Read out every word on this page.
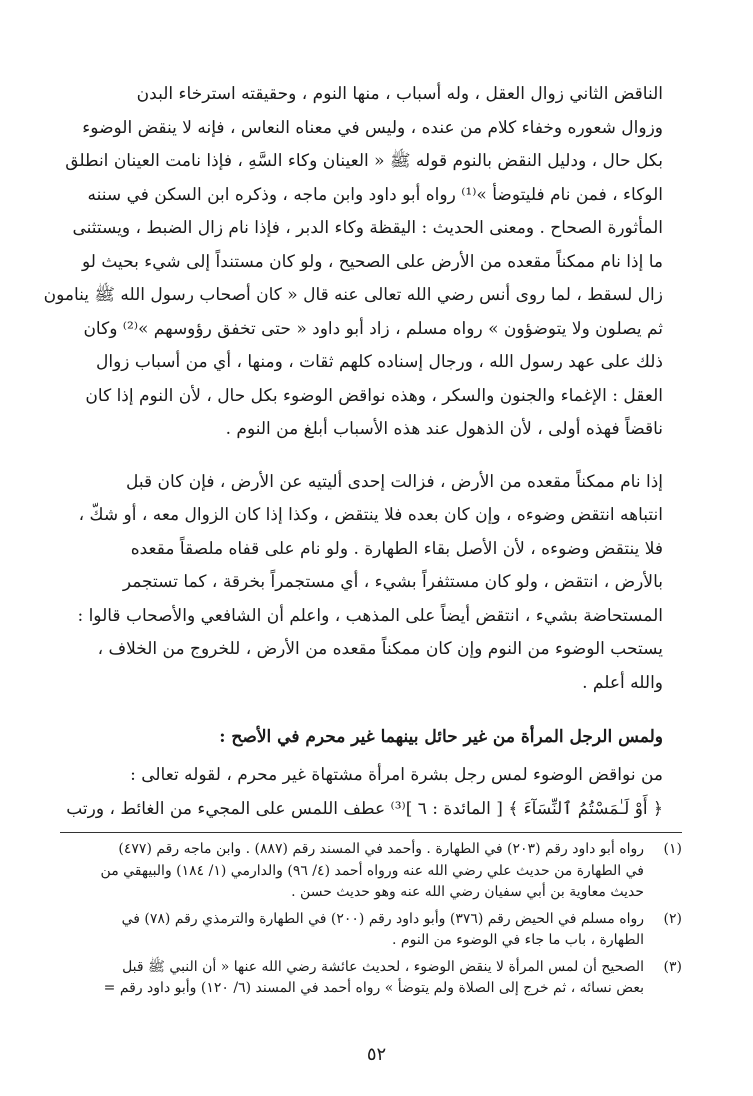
الناقض الثاني زوال العقل ، وله أسباب ، منها النوم ، وحقيقته استرخاء البدن
وزوال شعوره وخفاء كلام من عنده ، وليس في معناه النعاس ، فإنه لا ينقض الوضوء
بكل حال ، ودليل النقض بالنوم قوله ﷺ « العينان وكاء السَّهِ ، فإذا نامت العينان انطلق
الوكاء ، فمن نام فليتوضأ »⁽¹⁾ رواه أبو داود وابن ماجه ، وذكره ابن السكن في سننه
المأثورة الصحاح . ومعنى الحديث : اليقظة وكاء الدبر ، فإذا نام زال الضبط ، ويستثنى
ما إذا نام ممكناً مقعده من الأرض على الصحيح ، ولو كان مستنداً إلى شيء بحيث لو
زال لسقط ، لما روى أنس رضي الله تعالى عنه قال « كان أصحاب رسول الله ﷺ ينامون
ثم يصلون ولا يتوضؤون » رواه مسلم ، زاد أبو داود « حتى تخفق رؤوسهم »⁽²⁾ وكان
ذلك على عهد رسول الله ، ورجال إسناده كلهم ثقات ، ومنها ، أي من أسباب زوال
العقل : الإغماء والجنون والسكر ، وهذه نواقض الوضوء بكل حال ، لأن النوم إذا كان
ناقضاً فهذه أولى ، لأن الذهول عند هذه الأسباب أبلغ من النوم .

إذا نام ممكناً مقعده من الأرض ، فزالت إحدى أليتيه عن الأرض ، فإن كان قبل
انتباهه انتقض وضوءه ، وإن كان بعده فلا ينتقض ، وكذا إذا كان الزوال معه ، أو شكّ ،
فلا ينتقض وضوءه ، لأن الأصل بقاء الطهارة . ولو نام على قفاه ملصقاً مقعده
بالأرض ، انتقض ، ولو كان مستثفراً بشيء ، أي مستجمراً بخرقة ، كما تستجمر
المستحاضة بشيء ، انتقض أيضاً على المذهب ، واعلم أن الشافعي والأصحاب قالوا :
يستحب الوضوء من النوم وإن كان ممكناً مقعده من الأرض ، للخروج من الخلاف ،
والله أعلم .

ولمس الرجل المرأة من غير حائل بينهما غير محرم في الأصح :

من نواقض الوضوء لمس رجل بشرة امرأة مشتهاة غير محرم ، لقوله تعالى :
﴿ أَوْ لَـٰمَسْتُمُ ٱلنِّسَآءَ ﴾ [ المائدة : ٦ ]⁽³⁾ عطف اللمس على المجيء من الغائط ، ورتب

(١)
رواه أبو داود رقم (٢٠٣) في الطهارة . وأحمد في المسند رقم (٨٨٧) . وابن ماجه رقم (٤٧٧)
في الطهارة من حديث علي رضي الله عنه ورواه أحمد (٤/ ٩٦) والدارمي (١/ ١٨٤) والبيهقي من
حديث معاوية بن أبي سفيان رضي الله عنه وهو حديث حسن .
(٢)
رواه مسلم في الحيض رقم (٣٧٦) وأبو داود رقم (٢٠٠) في الطهارة والترمذي رقم (٧٨) في
الطهارة ، باب ما جاء في الوضوء من النوم .
(٣)
الصحيح أن لمس المرأة لا ينقض الوضوء ، لحديث عائشة رضي الله عنها « أن النبي ﷺ قبل
بعض نسائه ، ثم خرج إلى الصلاة ولم يتوضأ » رواه أحمد في المسند (٦/ ١٢٠) وأبو داود رقم =
٥٢
